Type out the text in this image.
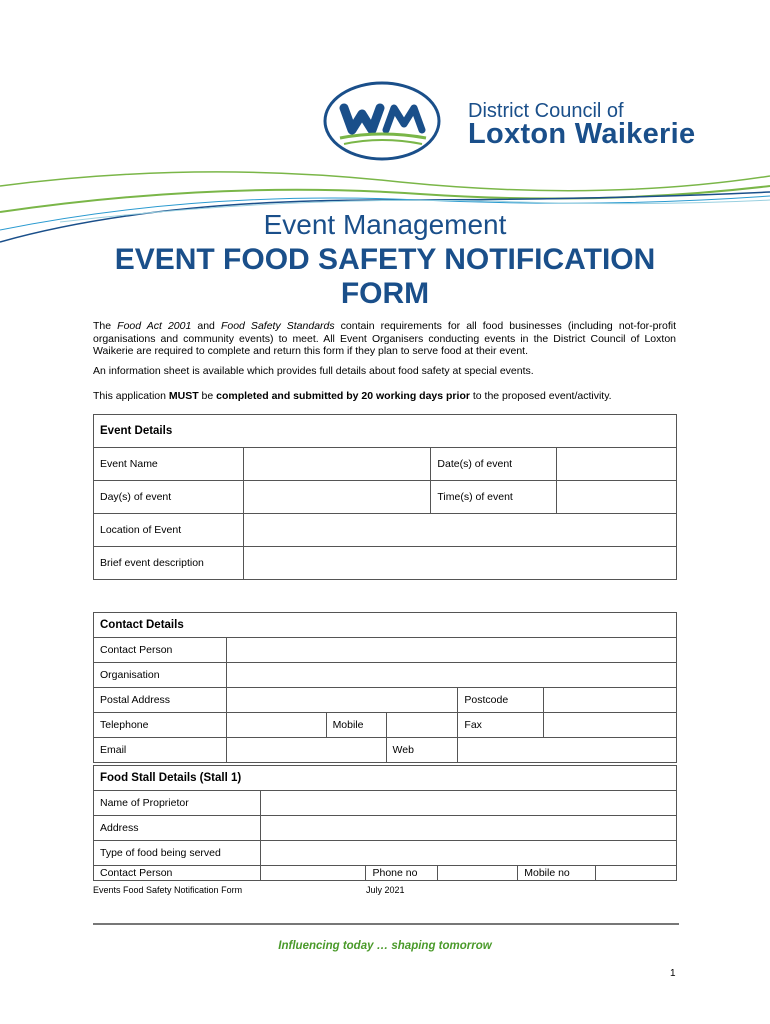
District Council of
Loxton Waikerie
Event Management
EVENT FOOD SAFETY NOTIFICATION
FORM
The Food Act 2001 and Food Safety Standards contain requirements for all food businesses (including not-for-profit organisations and community events) to meet. All Event Organisers conducting events in the District Council of Loxton Waikerie are required to complete and return this form if they plan to serve food at their event.
An information sheet is available which provides full details about food safety at special events.
This application MUST be completed and submitted by 20 working days prior to the proposed event/activity.
Event Details			
Event Name		Date(s) of event	
Day(s) of event		Time(s) of event	
Location of Event			
Brief event description			
Contact Details					
Contact Person					
Organisation					
Postal Address				Postcode	
Telephone		Mobile		Fax	
Email			Web		
Food Stall Details (Stall 1)					
Name of Proprietor					
Address					
Type of food being served					
Contact Person		Phone no		Mobile no	
Events Food Safety Notification Form	July 2021
Influencing today … shaping tomorrow
1
